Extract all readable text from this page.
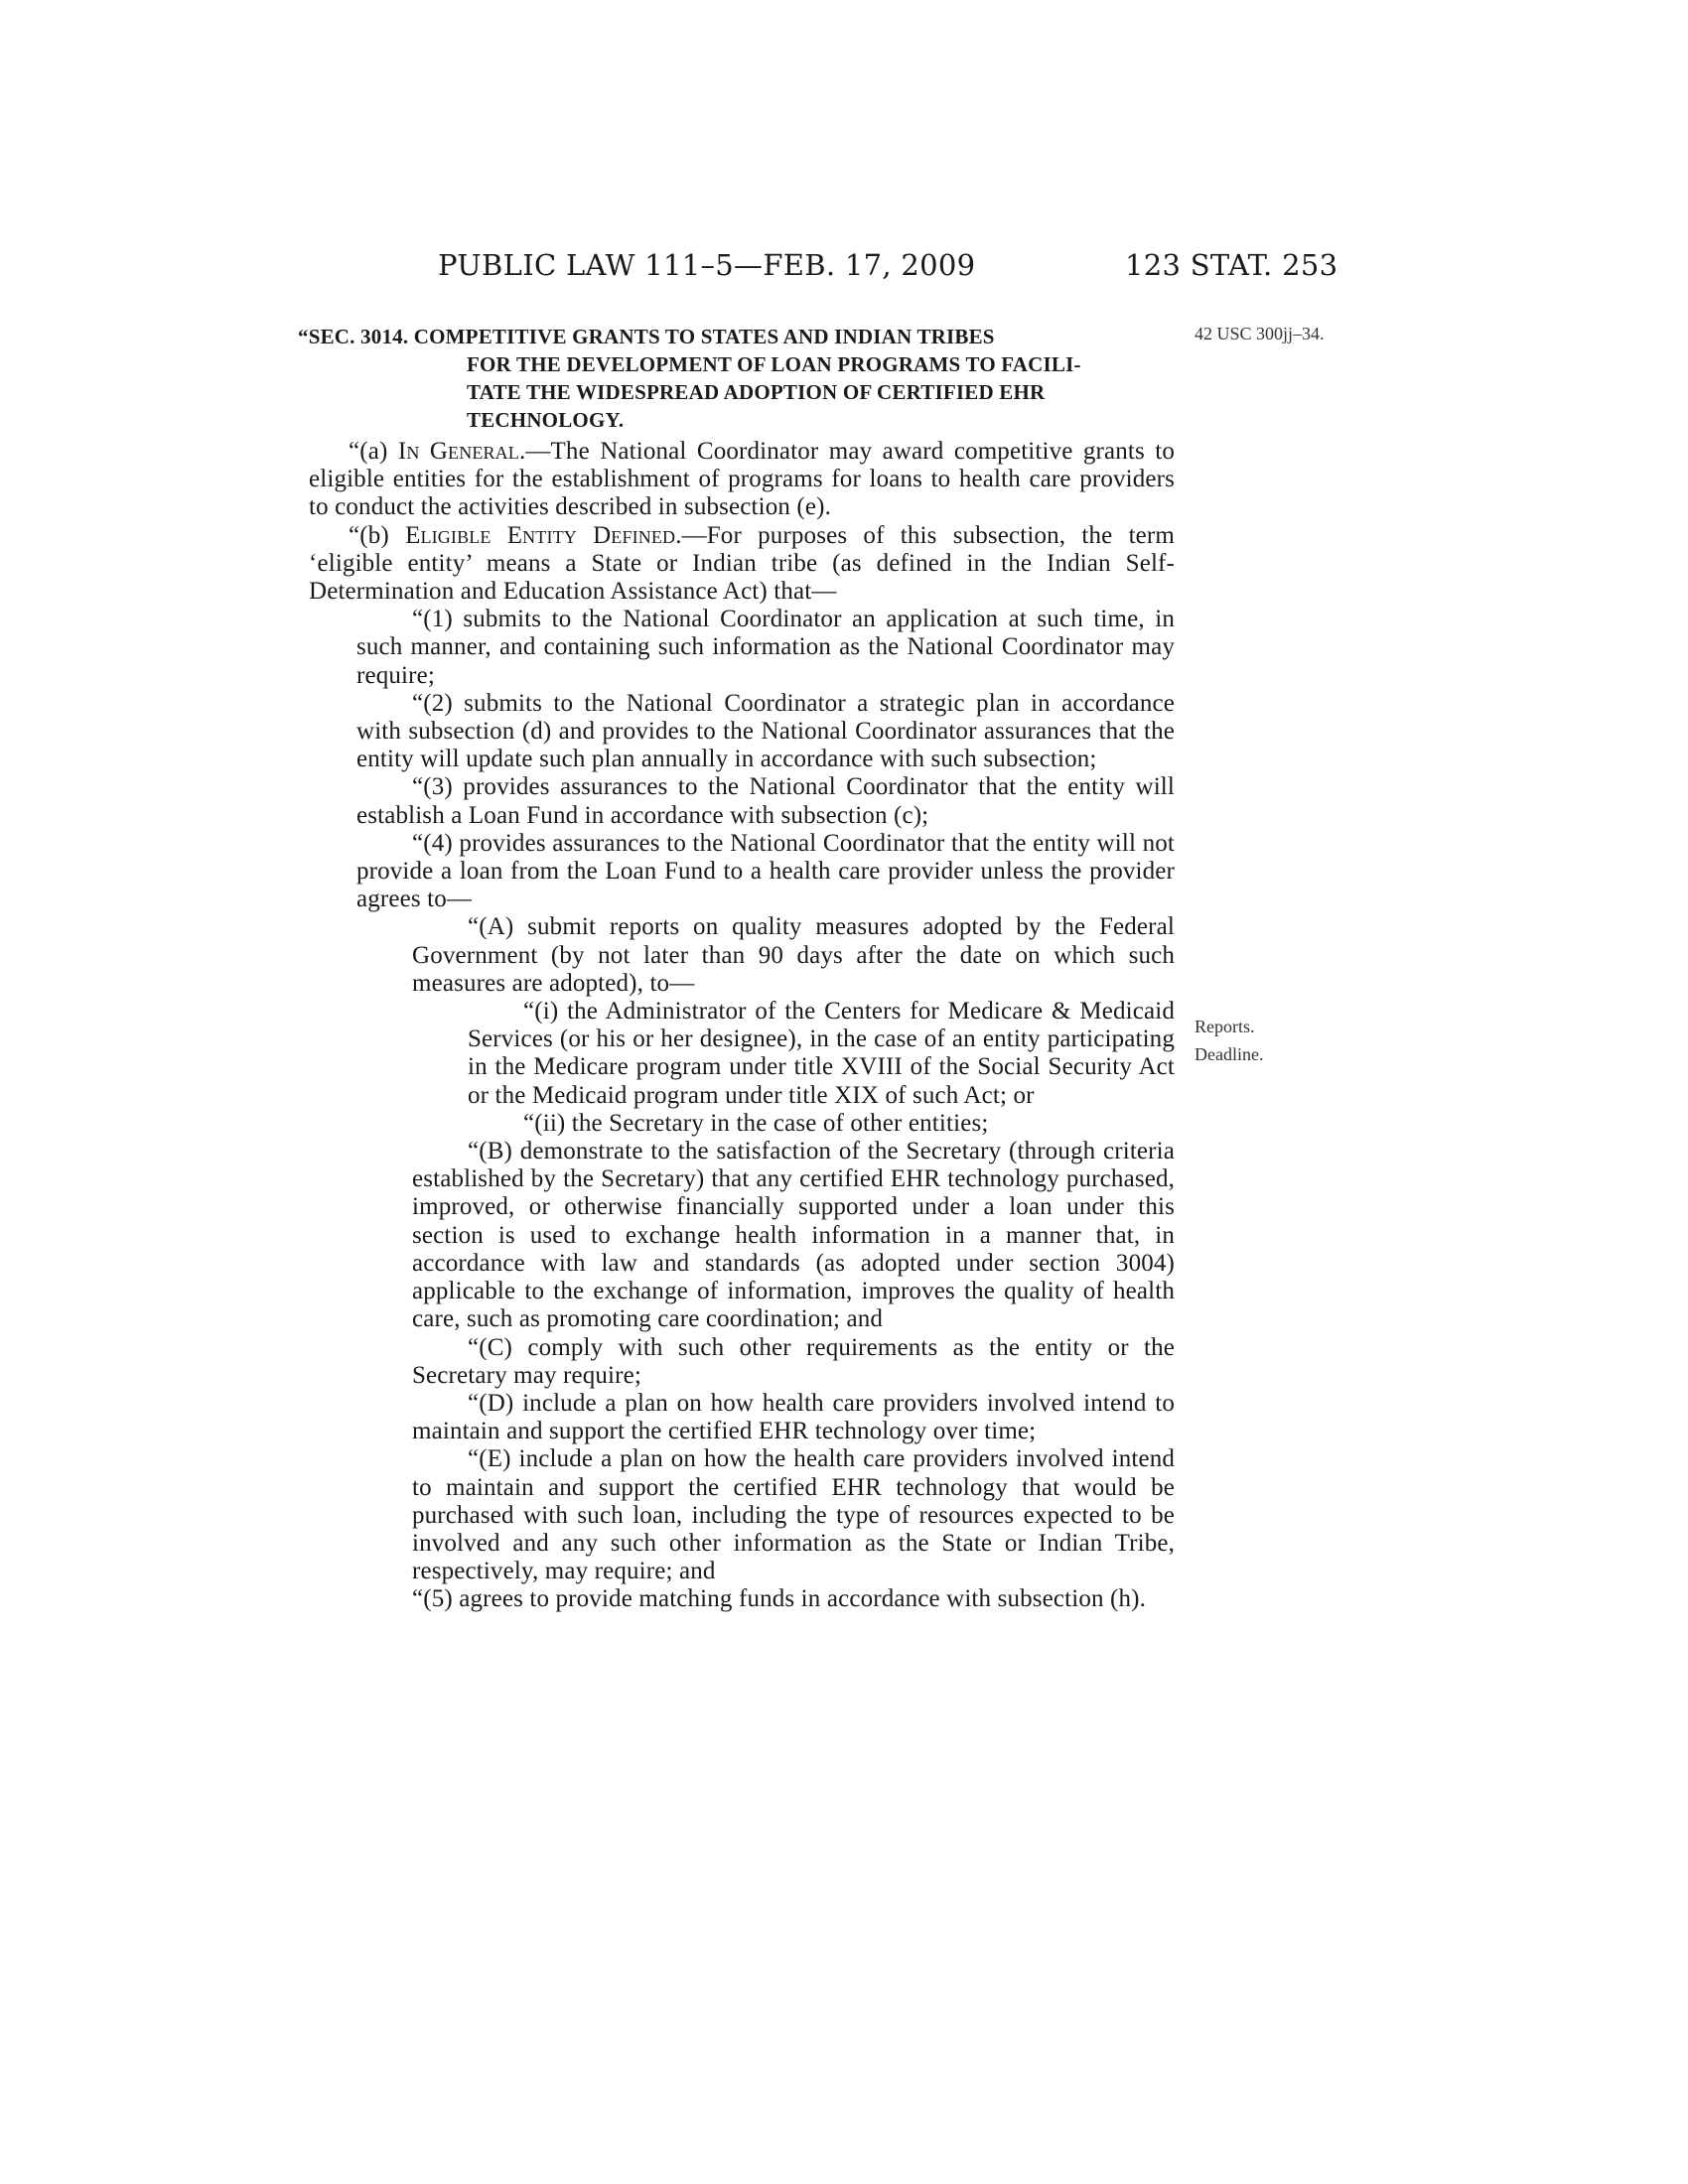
PUBLIC LAW 111–5—FEB. 17, 2009	123 STAT. 253
“SEC. 3014. COMPETITIVE GRANTS TO STATES AND INDIAN TRIBES
FOR THE DEVELOPMENT OF LOAN PROGRAMS TO FACILI-
TATE THE WIDESPREAD ADOPTION OF CERTIFIED EHR
TECHNOLOGY.
42 USC 300jj–34.
Reports.
Deadline.

“(a) In General.—The National Coordinator may award competitive grants to eligible entities for the establishment of programs for loans to health care providers to conduct the activities described in subsection (e).

“(b) Eligible Entity Defined.—For purposes of this subsection, the term ‘eligible entity’ means a State or Indian tribe (as defined in the Indian Self-Determination and Education Assistance Act) that—

“(1) submits to the National Coordinator an application at such time, in such manner, and containing such information as the National Coordinator may require;

“(2) submits to the National Coordinator a strategic plan in accordance with subsection (d) and provides to the National Coordinator assurances that the entity will update such plan annually in accordance with such subsection;

“(3) provides assurances to the National Coordinator that the entity will establish a Loan Fund in accordance with subsection (c);

“(4) provides assurances to the National Coordinator that the entity will not provide a loan from the Loan Fund to a health care provider unless the provider agrees to—

“(A) submit reports on quality measures adopted by the Federal Government (by not later than 90 days after the date on which such measures are adopted), to—

“(i) the Administrator of the Centers for Medicare & Medicaid Services (or his or her designee), in the case of an entity participating in the Medicare program under title XVIII of the Social Security Act or the Medicaid program under title XIX of such Act; or

“(ii) the Secretary in the case of other entities;

“(B) demonstrate to the satisfaction of the Secretary (through criteria established by the Secretary) that any certified EHR technology purchased, improved, or otherwise financially supported under a loan under this section is used to exchange health information in a manner that, in accordance with law and standards (as adopted under section 3004) applicable to the exchange of information, improves the quality of health care, such as promoting care coordination; and

“(C) comply with such other requirements as the entity or the Secretary may require;

“(D) include a plan on how health care providers involved intend to maintain and support the certified EHR technology over time;

“(E) include a plan on how the health care providers involved intend to maintain and support the certified EHR technology that would be purchased with such loan, including the type of resources expected to be involved and any such other information as the State or Indian Tribe, respectively, may require; and

“(5) agrees to provide matching funds in accordance with subsection (h).
